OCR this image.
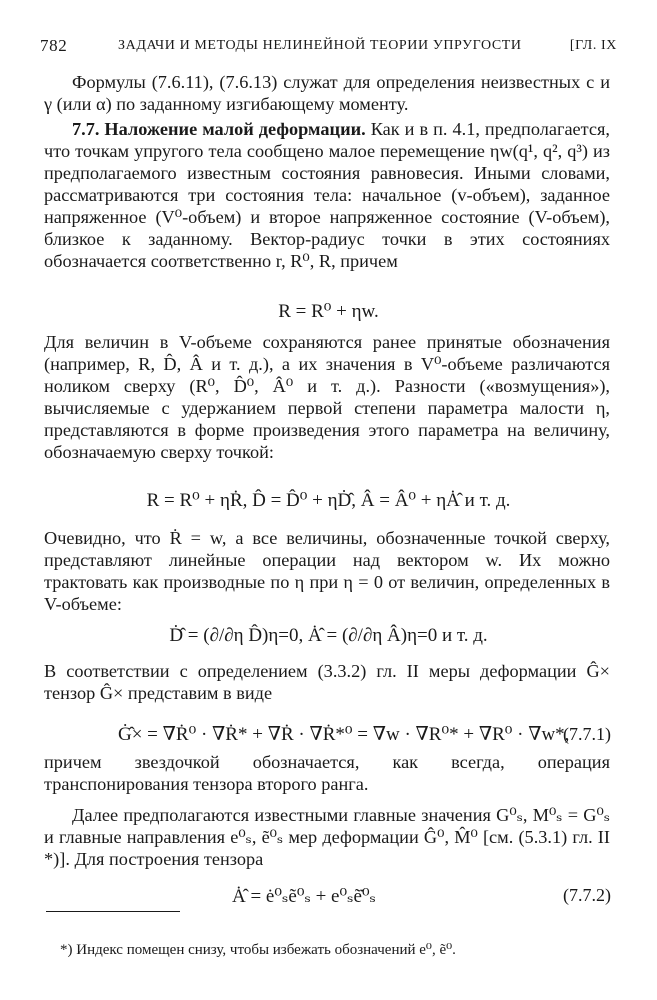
782	ЗАДАЧИ И МЕТОДЫ НЕЛИНЕЙНОЙ ТЕОРИИ УПРУГОСТИ	[ГЛ. IX
Формулы (7.6.11), (7.6.13) служат для определения неизвестных c и γ (или α) по заданному изгибающему моменту.
7.7. Наложение малой деформации. Как и в п. 4.1, предполагается, что точкам упругого тела сообщено малое перемещение ηw(q¹, q², q³) из предполагаемого известным состояния равновесия. Иными словами, рассматриваются три состояния тела: начальное (v-объем), заданное напряженное (V⁰-объем) и второе напряженное состояние (V-объем), близкое к заданному. Вектор-радиус точки в этих состояниях обозначается соответственно r, R⁰, R, причем
R = R⁰ + ηw.
Для величин в V-объеме сохраняются ранее принятые обозначения (например, R, D̂, Â и т. д.), а их значения в V⁰-объеме различаются ноликом сверху (R⁰, D̂⁰, Â⁰ и т. д.). Разности («возмущения»), вычисляемые с удержанием первой степени параметра малости η, представляются в форме произведения этого параметра на величину, обозначаемую сверху точкой:
R = R⁰ + ηṘ, D̂ = D̂⁰ + ηḊ̂, Â = Â⁰ + ηȦ̂ и т. д.
Очевидно, что Ṙ = w, а все величины, обозначенные точкой сверху, представляют линейные операции над вектором w. Их можно трактовать как производные по η при η = 0 от величин, определенных в V-объеме:
Ḋ̂ = (∂/∂η D̂)η=0, Ȧ̂ = (∂/∂η Â)η=0 и т. д.
В соответствии с определением (3.3.2) гл. II меры деформации Ĝ× тензор Ĝ× представим в виде
Ġ̂× = ∇Ṙ⁰ · ∇Ṙ* + ∇Ṙ · ∇Ṙ*⁰ = ∇w · ∇R⁰* + ∇R⁰ · ∇w*,
(7.7.1)
причем звездочкой обозначается, как всегда, операция транспонирования тензора второго ранга.
Далее предполагаются известными главные значения G⁰ₛ, M⁰ₛ = G⁰ₛ и главные направления e⁰ₛ, ẽ⁰ₛ мер деформации Ĝ⁰, M̂⁰ [см. (5.3.1) гл. II *)]. Для построения тензора
Ȧ̂ = ė⁰ₛẽ⁰ₛ + e⁰ₛẽ̇⁰ₛ	(7.7.2)
*) Индекс помещен снизу, чтобы избежать обозначений e⁰, ẽ⁰.
